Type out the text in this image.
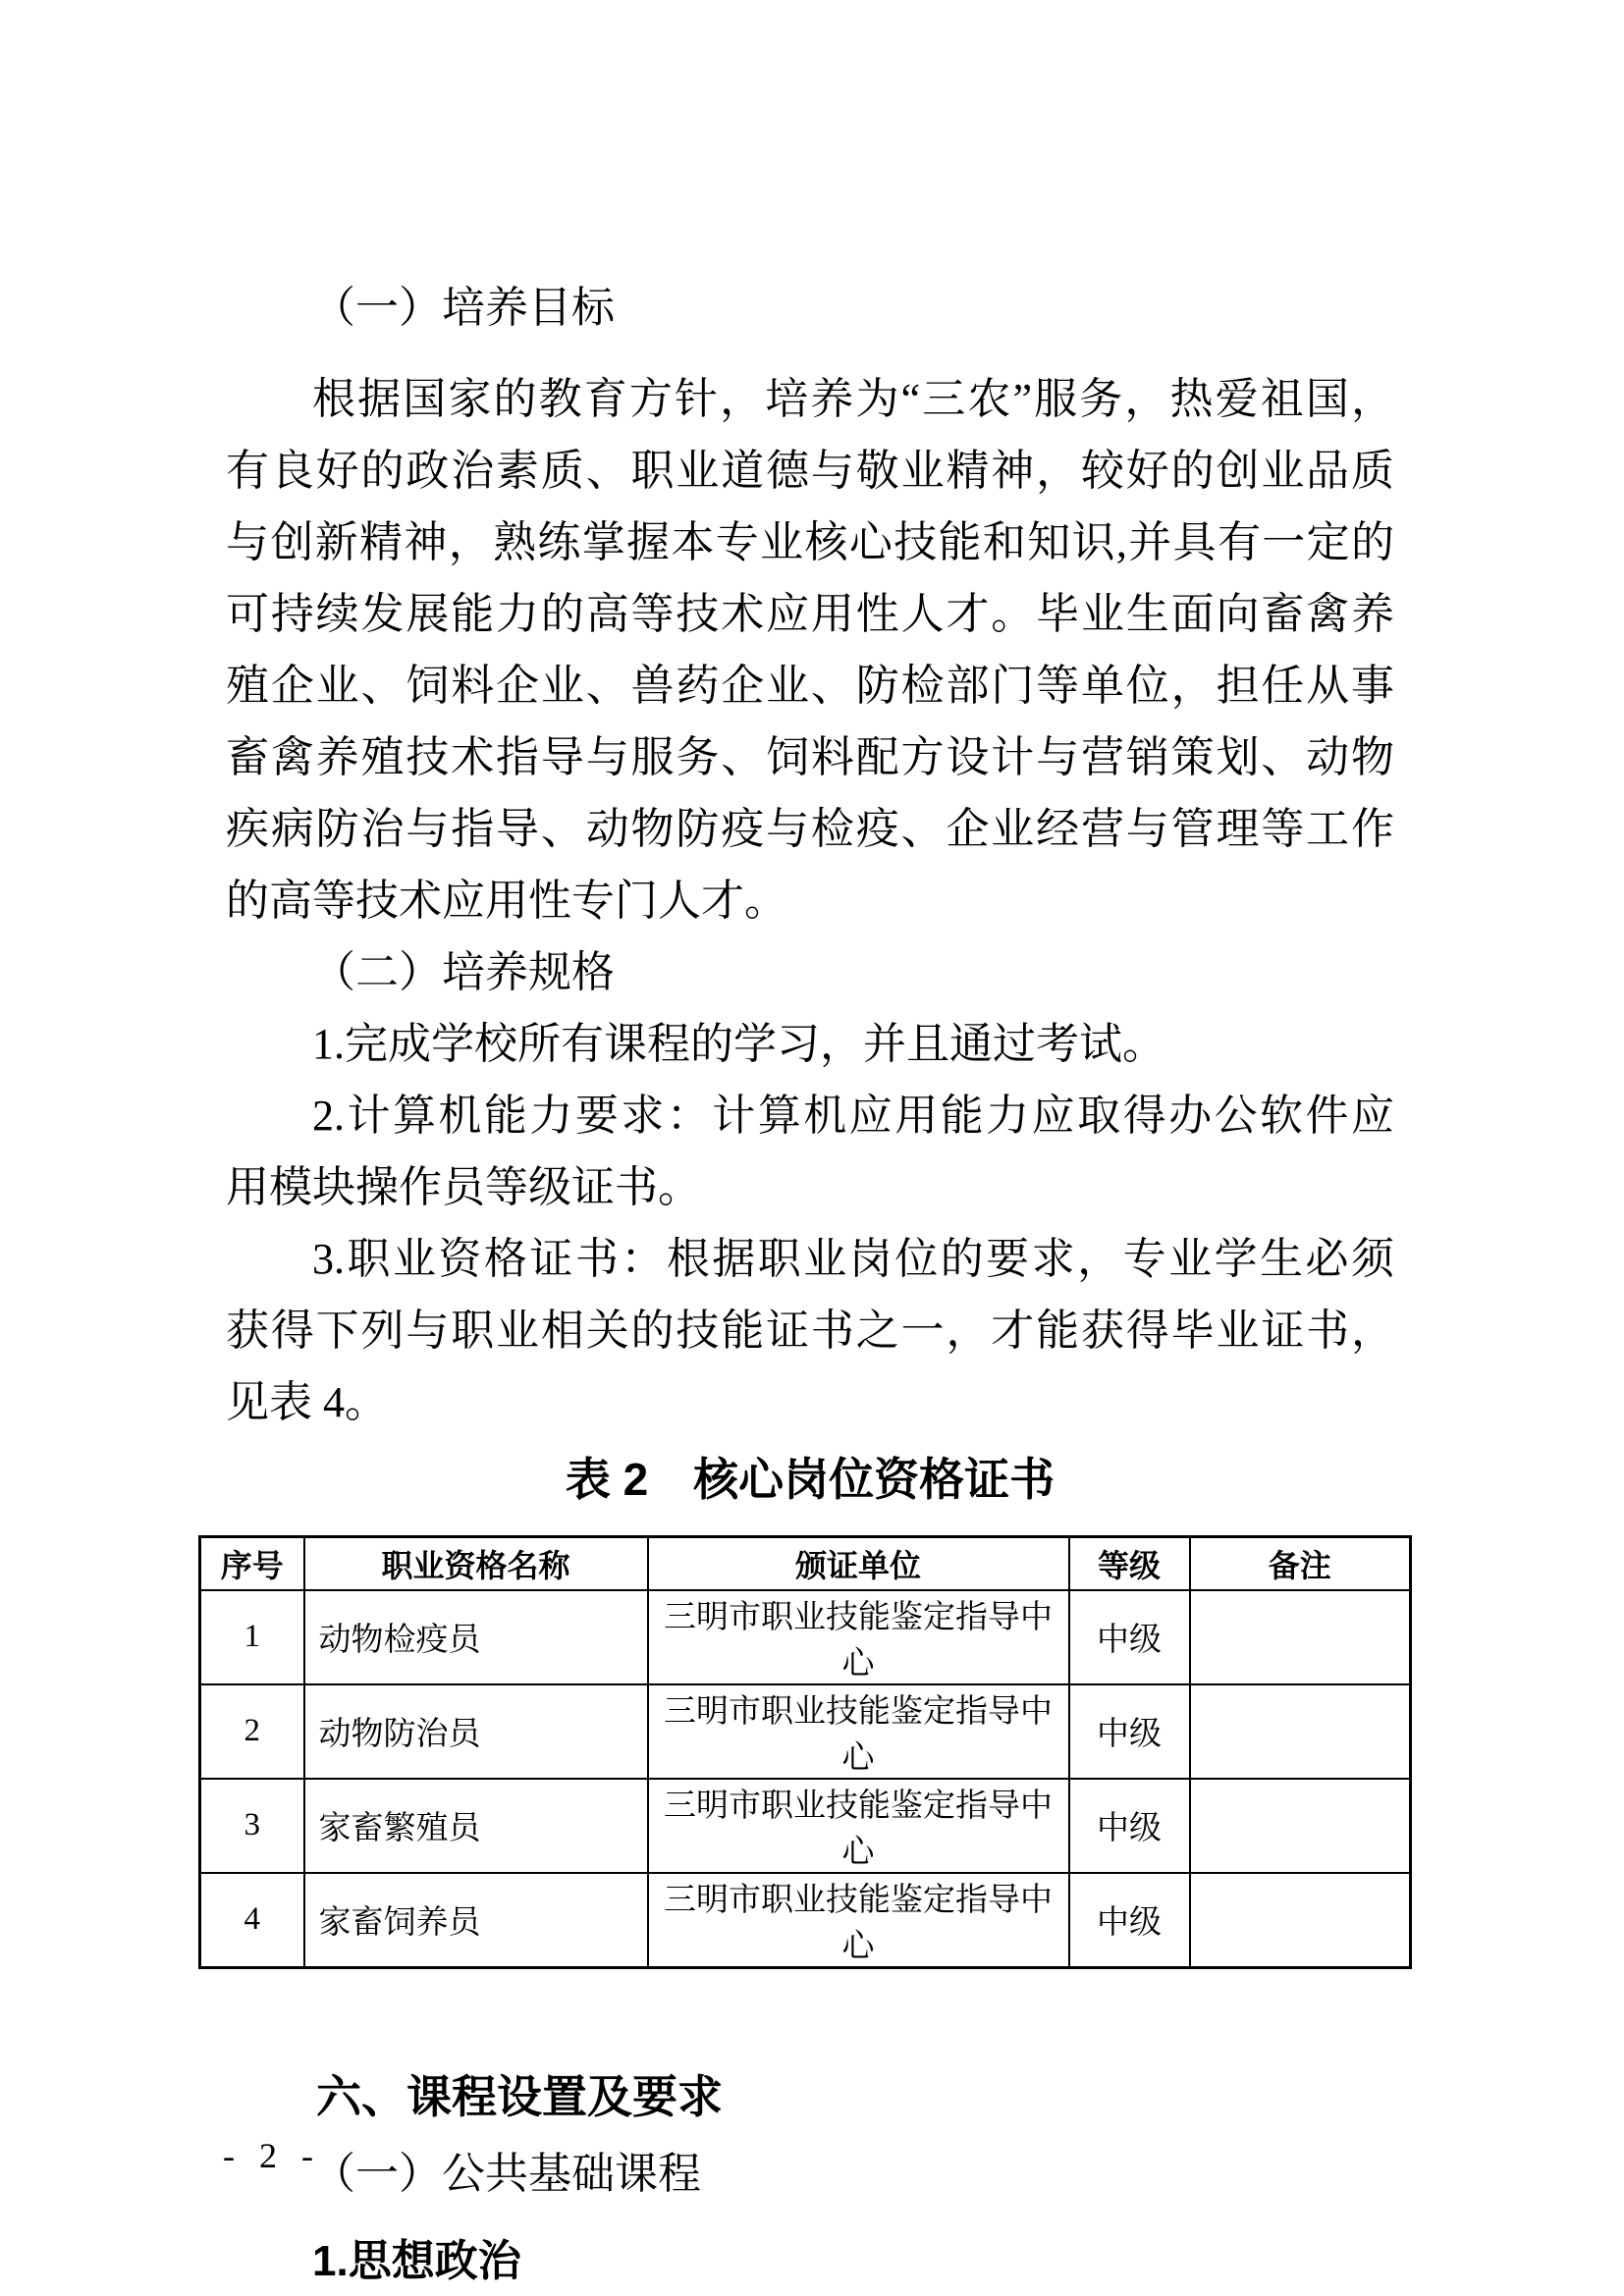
（一）培养目标
根据国家的教育方针，培养为“三农”服务，热爱祖国，
有良好的政治素质、职业道德与敬业精神，较好的创业品质
与创新精神，熟练掌握本专业核心技能和知识,并具有一定的
可持续发展能力的高等技术应用性人才。毕业生面向畜禽养
殖企业、饲料企业、兽药企业、防检部门等单位，担任从事
畜禽养殖技术指导与服务、饲料配方设计与营销策划、动物
疾病防治与指导、动物防疫与检疫、企业经营与管理等工作
的高等技术应用性专门人才。
（二）培养规格
1.完成学校所有课程的学习，并且通过考试。
2.计算机能力要求：计算机应用能力应取得办公软件应
用模块操作员等级证书。
3.职业资格证书：根据职业岗位的要求，专业学生必须
获得下列与职业相关的技能证书之一，才能获得毕业证书，
见表 4。
表 2　核心岗位资格证书
序号	职业资格名称	颁证单位	等级	备注
1	动物检疫员	三明市职业技能鉴定指导中心	中级	
2	动物防治员	三明市职业技能鉴定指导中心	中级	
3	家畜繁殖员	三明市职业技能鉴定指导中心	中级	
4	家畜饲养员	三明市职业技能鉴定指导中心	中级	
六、课程设置及要求
（一）公共基础课程
1.思想政治
- 2 -
